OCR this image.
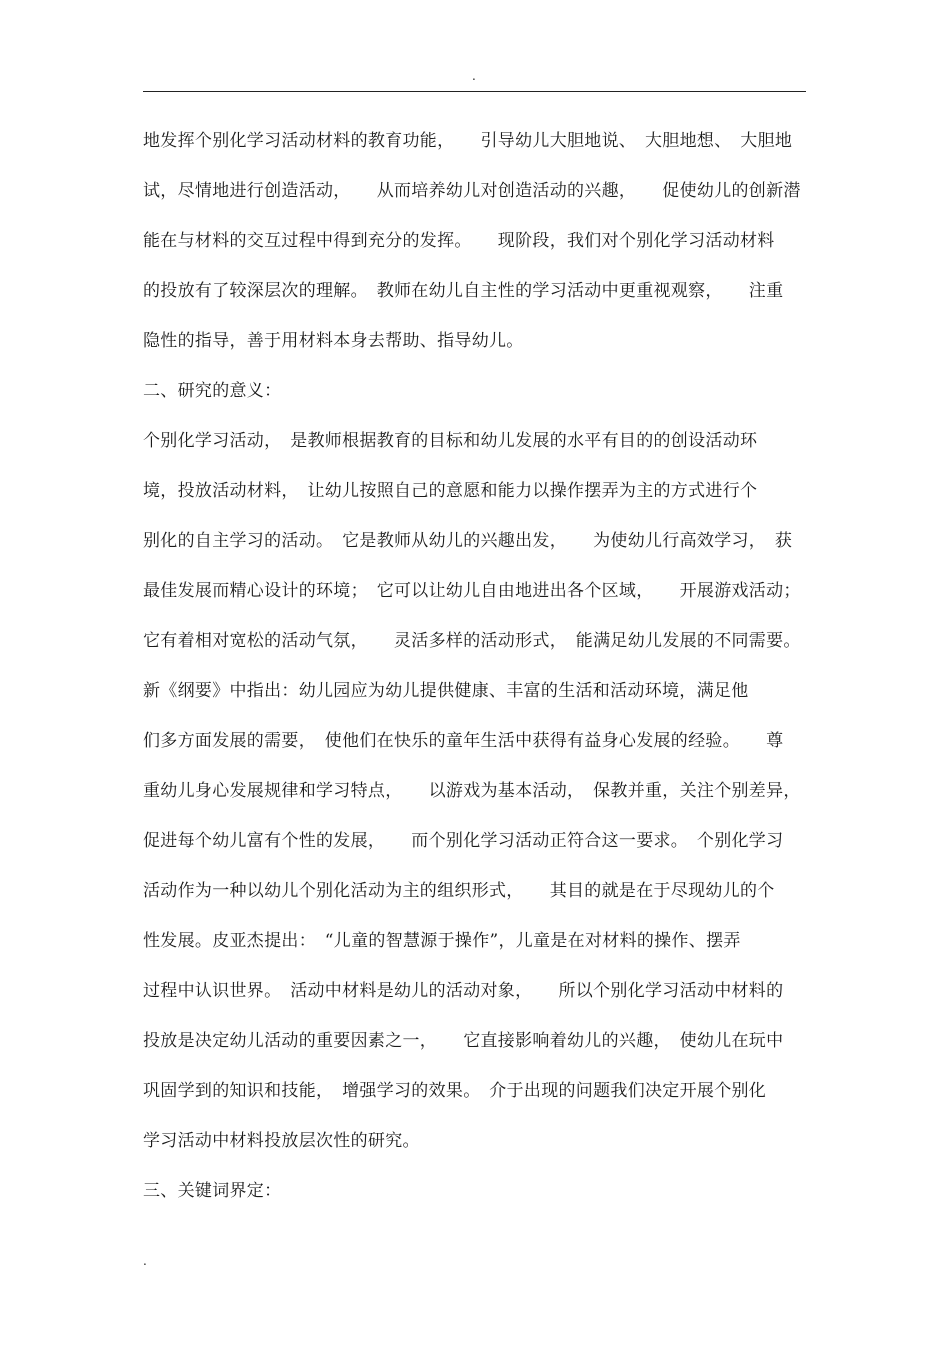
.
地发挥个别化学习活动材料的教育功能，　　引导幼儿大胆地说、　大胆地想、　大胆地
试，尽情地进行创造活动，　　从而培养幼儿对创造活动的兴趣，　　促使幼儿的创新潜
能在与材料的交互过程中得到充分的发挥。　　现阶段，我们对个别化学习活动材料
的投放有了较深层次的理解。　教师在幼儿自主性的学习活动中更重视观察，　　注重
隐性的指导，善于用材料本身去帮助、指导幼儿。
二、研究的意义：
个别化学习活动，　是教师根据教育的目标和幼儿发展的水平有目的的创设活动环
境，投放活动材料，　让幼儿按照自己的意愿和能力以操作摆弄为主的方式进行个
别化的自主学习的活动。　它是教师从幼儿的兴趣出发，　　为使幼儿行高效学习，　获
最佳发展而精心设计的环境；　它可以让幼儿自由地进出各个区域，　　开展游戏活动；
它有着相对宽松的活动气氛，　　灵活多样的活动形式，　能满足幼儿发展的不同需要。
新《纲要》中指出：幼儿园应为幼儿提供健康、丰富的生活和活动环境，满足他
们多方面发展的需要，　使他们在快乐的童年生活中获得有益身心发展的经验。　　尊
重幼儿身心发展规律和学习特点，　　以游戏为基本活动，　保教并重，关注个别差异，
促进每个幼儿富有个性的发展，　　而个别化学习活动正符合这一要求。　个别化学习
活动作为一种以幼儿个别化活动为主的组织形式，　　其目的就是在于尽现幼儿的个
性发展。皮亚杰提出：　“儿童的智慧源于操作”，儿童是在对材料的操作、摆弄
过程中认识世界。　活动中材料是幼儿的活动对象，　　所以个别化学习活动中材料的
投放是决定幼儿活动的重要因素之一，　　它直接影响着幼儿的兴趣，　使幼儿在玩中
巩固学到的知识和技能，　增强学习的效果。　介于出现的问题我们决定开展个别化
学习活动中材料投放层次性的研究。
三、关键词界定：
.
